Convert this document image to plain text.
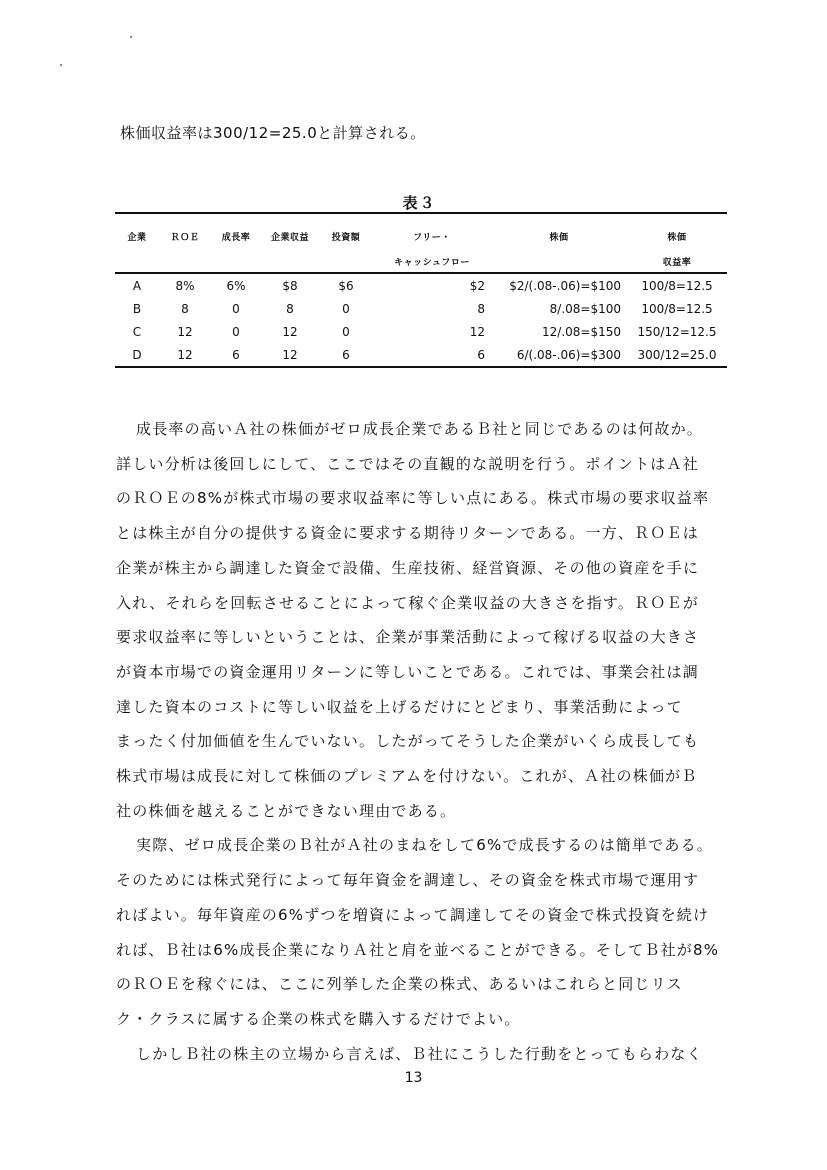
株価収益率は300/12=25.0と計算される。
表３
企業	ＲＯＥ	成長率	企業収益	投資額	フリー・	株価	株価
					キャッシュフロー		収益率
A	8%	6%	$8	$6	$2	$2/(.08-.06)=$100	100/8=12.5
B	8	0	8	0	8	8/.08=$100	100/8=12.5
C	12	0	12	0	12	12/.08=$150	150/12=12.5
D	12	6	12	6	6	6/(.08-.06)=$300	300/12=25.0

成長率の高いＡ社の株価がゼロ成長企業であるＢ社と同じであるのは何故か。
詳しい分析は後回しにして、ここではその直観的な説明を行う。ポイントはＡ社
のＲＯＥの8%が株式市場の要求収益率に等しい点にある。株式市場の要求収益率
とは株主が自分の提供する資金に要求する期待リターンである。一方、ＲＯＥは
企業が株主から調達した資金で設備、生産技術、経営資源、その他の資産を手に
入れ、それらを回転させることによって稼ぐ企業収益の大きさを指す。ＲＯＥが
要求収益率に等しいということは、企業が事業活動によって稼げる収益の大きさ
が資本市場での資金運用リターンに等しいことである。これでは、事業会社は調
達した資本のコストに等しい収益を上げるだけにとどまり、事業活動によって
まったく付加価値を生んでいない。したがってそうした企業がいくら成長しても
株式市場は成長に対して株価のプレミアムを付けない。これが、Ａ社の株価がＢ
社の株価を越えることができない理由である。

実際、ゼロ成長企業のＢ社がＡ社のまねをして6%で成長するのは簡単である。
そのためには株式発行によって毎年資金を調達し、その資金を株式市場で運用す
ればよい。毎年資産の6%ずつを増資によって調達してその資金で株式投資を続け
れば、Ｂ社は6%成長企業になりＡ社と肩を並べることができる。そしてＢ社が8%
のＲＯＥを稼ぐには、ここに列挙した企業の株式、あるいはこれらと同じリス
ク・クラスに属する企業の株式を購入するだけでよい。

しかしＢ社の株主の立場から言えば、Ｂ社にこうした行動をとってもらわなく

13
